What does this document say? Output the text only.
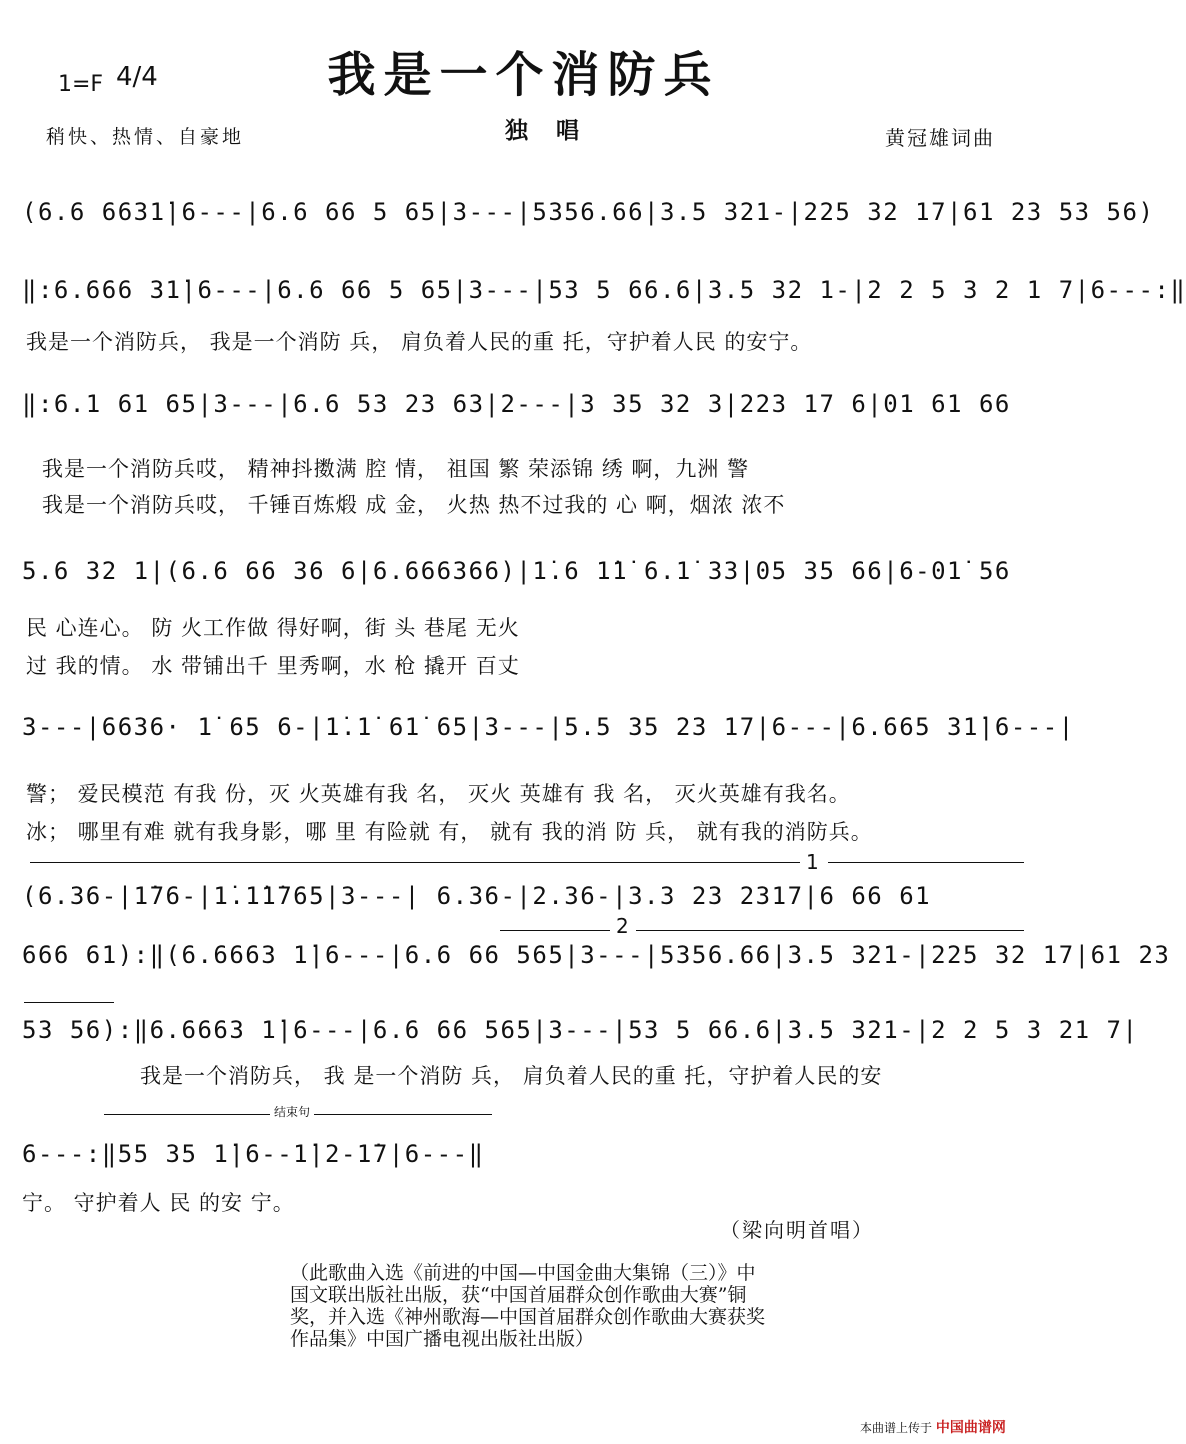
我是一个消防兵
1=F 4/4
稍快、热情、自豪地	独 唱	黄冠雄词曲
(6.6 6631̇|6---|6.6 66 5 65|3---|5356.66|3.5 321-|225 32 17|61 23 53 56)
‖:6.666 31̇|6---|6.6 66 5 65|3---|53 5 66.6|3.5 32 1-|2 2 5 3 2 1 7|6---:‖
我是一个消防兵， 我是一个消防 兵， 肩负着人民的重 托，守护着人民 的安宁。
‖:6.1 61 65|3---|6.6 53 23 63|2---|3 35 32 3|223 17 6|01 61 66
我是一个消防兵哎， 精神抖擞满 腔 情， 祖国 繁 荣添锦 绣 啊，九洲 警
我是一个消防兵哎， 千锤百炼煅 成 金， 火热 热不过我的 心 啊，烟浓 浓不
5.6 32 1|(6.6 66 36 6|6.666366)|1̇.6 1̇1̇ 6.1̇ 33|05 35 66|6-01̇ 56
民 心连心。 防 火工作做 得好啊，街 头 巷尾 无火
过 我的情。 水 带铺出千 里秀啊，水 枪 撬开 百丈
3---|6636· 1̇ 65 6-|1̇.1̇ 61̇ 65|3---|5.5 35 23 17|6---|6.665 31̇|6---|
警； 爱民模范 有我 份，灭 火英雄有我 名， 灭火 英雄有 我 名， 灭火英雄有我名。
冰； 哪里有难 就有我身影，哪 里 有险就 有， 就有 我的消 防 兵， 就有我的消防兵。
1
(6.36-|1̇76-|1̇.1̇1̇765|3---| 6.36-|2.36-|3.3 23 2317|6 66 61
2
666 61):‖(6.6663 1̇|6---|6.6 66 565|3---|5356.66|3.5 321-|225 32 17|61 23
53 56):‖6.6663 1̇|6---|6.6 66 565|3---|53 5 66.6|3.5 321-|2 2 5 3 21 7|
我是一个消防兵， 我 是一个消防 兵， 肩负着人民的重 托，守护着人民的安
结束句
6---:‖55 35 1̇|6--1̇|2-1̇7|6---‖
宁。 守护着人 民 的安 宁。
（梁向明首唱）
（此歌曲入选《前进的中国—中国金曲大集锦（三）》中国文联出版社出版，获“中国首届群众创作歌曲大赛”铜奖，并入选《神州歌海—中国首届群众创作歌曲大赛获奖作品集》中国广播电视出版社出版）
本曲谱上传于 中国曲谱网
